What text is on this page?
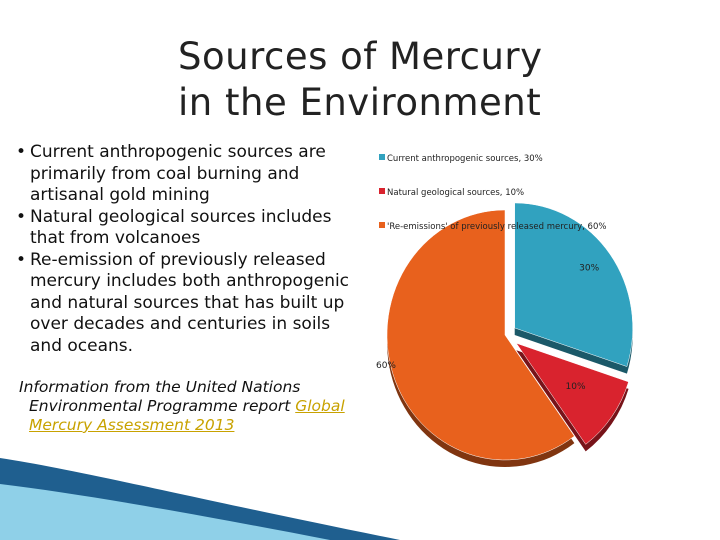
Sources of Mercury
in the Environment
• Current anthropogenic sources are primarily from coal burning and artisanal gold mining
• Natural geological sources includes that from volcanoes
• Re-emission of previously released mercury includes both anthropogenic and natural sources that has built up over decades and centuries in soils and oceans.
Information from the United Nations
Environmental Programme report Global Mercury Assessment 2013
30%
10%
60%
Current anthropogenic sources, 30%
Natural geological sources, 10%
'Re-emissions' of previously released mercury, 60%
